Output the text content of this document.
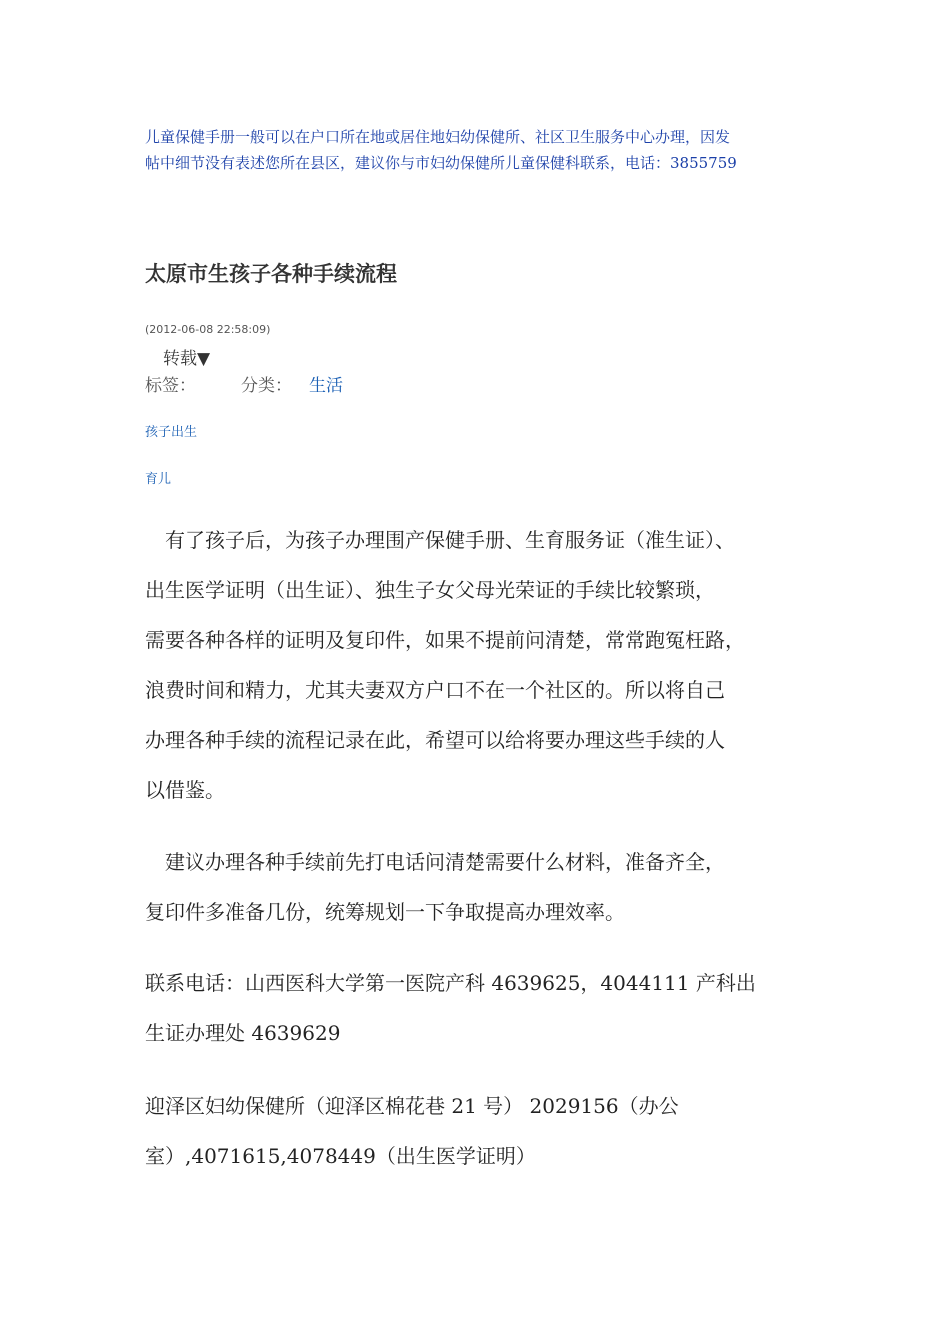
儿童保健手册一般可以在户口所在地或居住地妇幼保健所、社区卫生服务中心办理，因发
帖中细节没有表述您所在县区，建议你与市妇幼保健所儿童保健科联系，电话：3855759
太原市生孩子各种手续流程
(2012-06-08 22:58:09)
转载▼
标签：	分类： 生活
孩子出生
育儿

　有了孩子后，为孩子办理围产保健手册、生育服务证（准生证）、

出生医学证明（出生证）、独生子女父母光荣证的手续比较繁琐，

需要各种各样的证明及复印件，如果不提前问清楚，常常跑冤枉路，

浪费时间和精力，尤其夫妻双方户口不在一个社区的。所以将自己

办理各种手续的流程记录在此，希望可以给将要办理这些手续的人

以借鉴。

　建议办理各种手续前先打电话问清楚需要什么材料，准备齐全，

复印件多准备几份，统筹规划一下争取提高办理效率。

联系电话：山西医科大学第一医院产科 4639625，4044111 产科出

生证办理处 4639629

迎泽区妇幼保健所（迎泽区棉花巷 21 号） 2029156（办公

室）,4071615,4078449（出生医学证明）
